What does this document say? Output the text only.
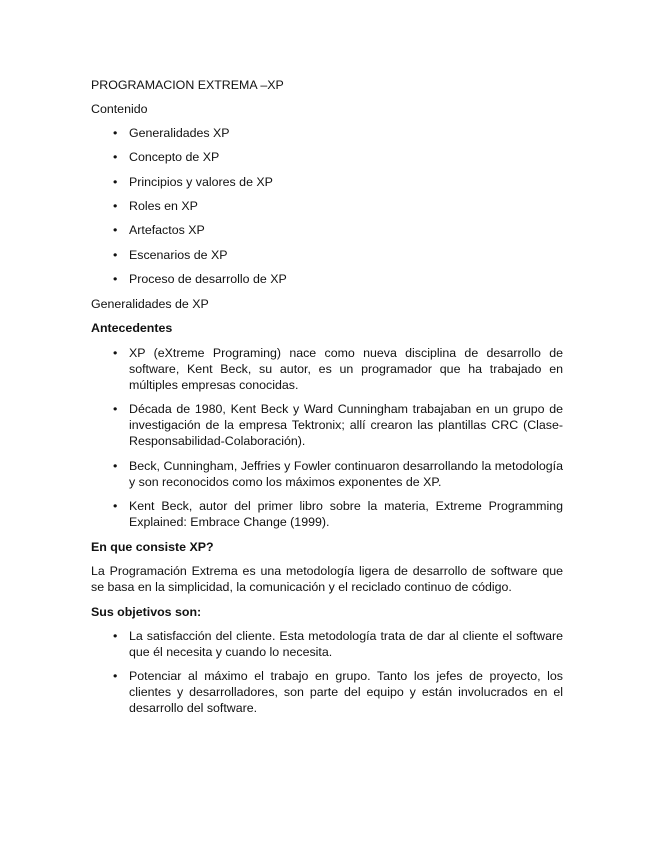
PROGRAMACION EXTREMA –XP
Contenido
• Generalidades XP
• Concepto de XP
• Principios y valores de XP
• Roles en XP
• Artefactos XP
• Escenarios de XP
• Proceso de desarrollo de XP
Generalidades de XP
Antecedentes
• XP (eXtreme Programing) nace como nueva disciplina de desarrollo de software, Kent Beck, su autor, es un programador que ha trabajado en múltiples empresas conocidas.
• Década de 1980, Kent Beck y Ward Cunningham trabajaban en un grupo de investigación de la empresa Tektronix; allí crearon las plantillas CRC (Clase-Responsabilidad-Colaboración).
• Beck, Cunningham, Jeffries y Fowler continuaron desarrollando la metodología y son reconocidos como los máximos exponentes de XP.
• Kent Beck, autor del primer libro sobre la materia, Extreme Programming Explained: Embrace Change (1999).
En que consiste XP?
La Programación Extrema es una metodología ligera de desarrollo de software que se basa en la simplicidad, la comunicación y el reciclado continuo de código.
Sus objetivos son:
• La satisfacción del cliente. Esta metodología trata de dar al cliente el software que él necesita y cuando lo necesita.
• Potenciar al máximo el trabajo en grupo. Tanto los jefes de proyecto, los clientes y desarrolladores, son parte del equipo y están involucrados en el desarrollo del software.
